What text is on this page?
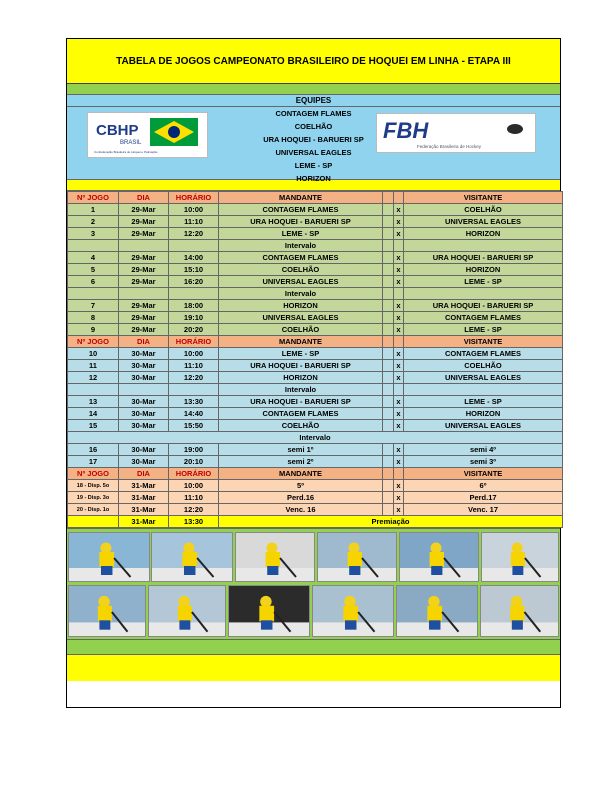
TABELA DE JOGOS CAMPEONATO BRASILEIRO DE HOQUEI EM LINHA - ETAPA III
EQUIPES
CONTAGEM FLAMES
COELHÃO
URA HOQUEI - BARUERI SP
UNIVERSAL EAGLES
LEME - SP
HORIZON
CBHP
BRASIL
Confederação Brasileira de Hóquei e Patinação
FBH
Federação Brasileira de Hockey
Nº JOGO	DIA	HORÁRIO	MANDANTE			VISITANTE
1	29-Mar	10:00	CONTAGEM FLAMES		x	COELHÃO
2	29-Mar	11:10	URA HOQUEI - BARUERI SP		x	UNIVERSAL EAGLES
3	29-Mar	12:20	LEME - SP		x	HORIZON
			Intervalo			
4	29-Mar	14:00	CONTAGEM FLAMES		x	URA HOQUEI - BARUERI SP
5	29-Mar	15:10	COELHÃO		x	HORIZON
6	29-Mar	16:20	UNIVERSAL EAGLES		x	LEME - SP
			Intervalo			
7	29-Mar	18:00	HORIZON		x	URA HOQUEI - BARUERI SP
8	29-Mar	19:10	UNIVERSAL EAGLES		x	CONTAGEM FLAMES
9	29-Mar	20:20	COELHÃO		x	LEME - SP
Nº JOGO	DIA	HORÁRIO	MANDANTE			VISITANTE
10	30-Mar	10:00	LEME - SP		x	CONTAGEM FLAMES
11	30-Mar	11:10	URA HOQUEI - BARUERI SP		x	COELHÃO
12	30-Mar	12:20	HORIZON		x	UNIVERSAL EAGLES
			Intervalo			
13	30-Mar	13:30	URA HOQUEI - BARUERI SP		x	LEME - SP
14	30-Mar	14:40	CONTAGEM FLAMES		x	HORIZON
15	30-Mar	15:50	COELHÃO		x	UNIVERSAL EAGLES
Intervalo						
16	30-Mar	19:00	semi 1º		x	semi 4º
17	30-Mar	20:10	semi 2º		x	semi 3º
Nº JOGO	DIA	HORÁRIO	MANDANTE			VISITANTE
18 - Disp. 5o	31-Mar	10:00	5º		x	6º
19 - Disp. 3o	31-Mar	11:10	Perd.16		x	Perd.17
20 - Disp. 1o	31-Mar	12:20	Venc. 16		x	Venc. 17
	31-Mar	13:30	Premiação			
